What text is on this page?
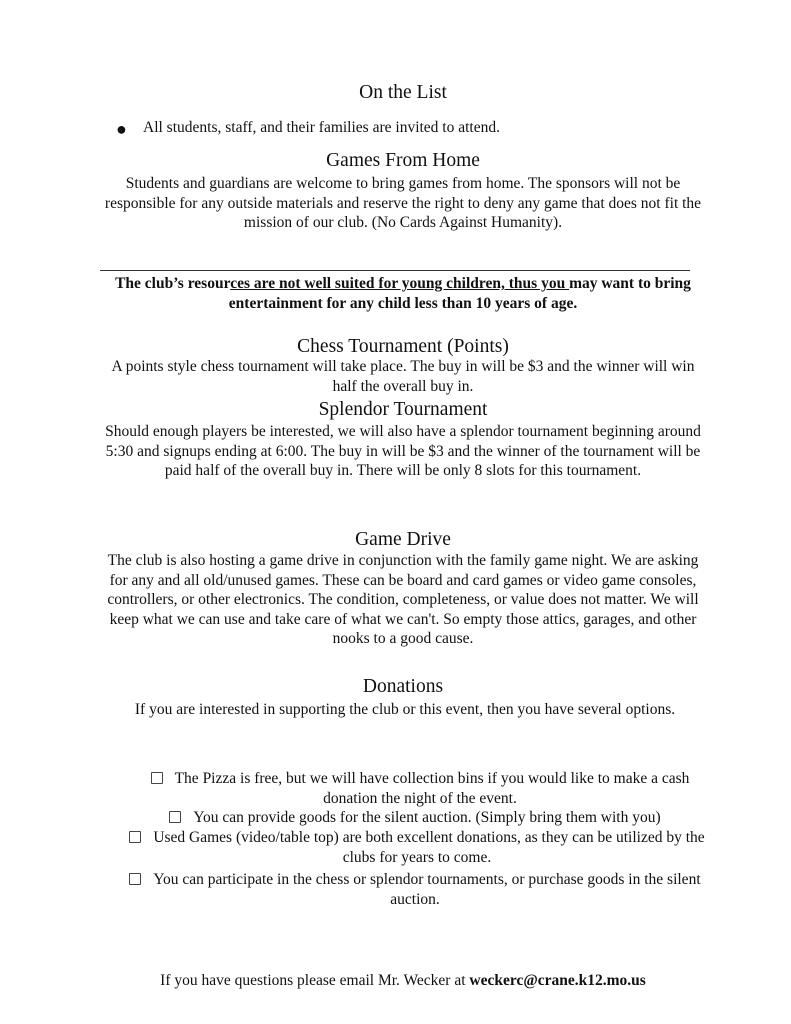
On the List
● All students, staff, and their families are invited to attend.
Games From Home
Students and guardians are welcome to bring games from home. The sponsors will not be responsible for any outside materials and reserve the right to deny any game that does not fit the mission of our club. (No Cards Against Humanity).
The club’s resources are not well suited for young children, thus you may want to bring entertainment for any child less than 10 years of age.
Chess Tournament (Points)
A points style chess tournament will take place. The buy in will be $3 and the winner will win half the overall buy in.
Splendor Tournament
Should enough players be interested, we will also have a splendor tournament beginning around 5:30 and signups ending at 6:00. The buy in will be $3 and the winner of the tournament will be paid half of the overall buy in. There will be only 8 slots for this tournament.
Game Drive
The club is also hosting a game drive in conjunction with the family game night. We are asking for any and all old/unused games. These can be board and card games or video game consoles, controllers, or other electronics. The condition, completeness, or value does not matter. We will keep what we can use and take care of what we can't. So empty those attics, garages, and other nooks to a good cause.
Donations
If you are interested in supporting the club or this event, then you have several options.
The Pizza is free, but we will have collection bins if you would like to make a cash donation the night of the event.
You can provide goods for the silent auction. (Simply bring them with you)
Used Games (video/table top) are both excellent donations, as they can be utilized by the clubs for years to come.
You can participate in the chess or splendor tournaments, or purchase goods in the silent auction.
If you have questions please email Mr. Wecker at weckerc@crane.k12.mo.us
